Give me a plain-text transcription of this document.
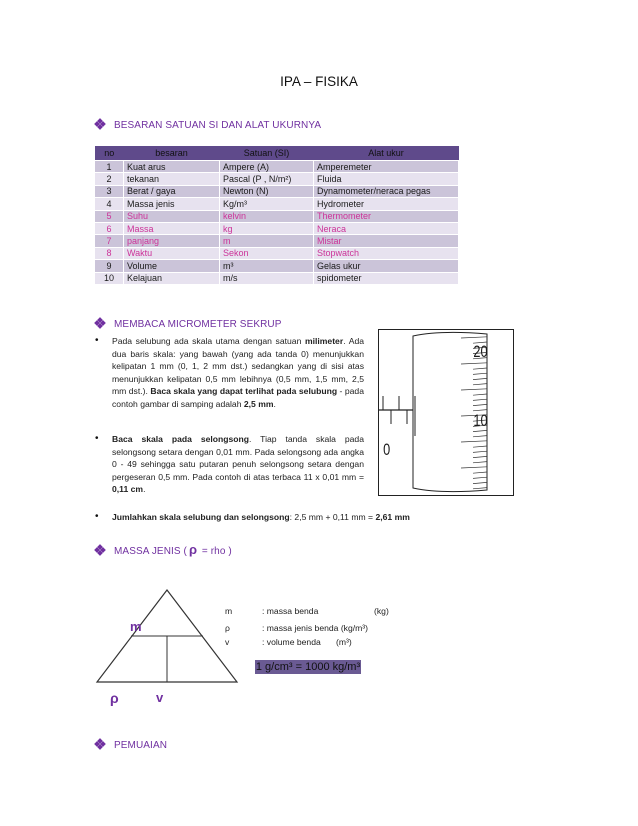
IPA – FISIKA
BESARAN SATUAN SI DAN ALAT UKURNYA
no	besaran	Satuan (SI)	Alat ukur
1	Kuat arus	Ampere (A)	Amperemeter
2	tekanan	Pascal (P , N/m²)	Fluida
3	Berat / gaya	Newton (N)	Dynamometer/neraca pegas
4	Massa jenis	Kg/m³	Hydrometer
5	Suhu	kelvin	Thermometer
6	Massa	kg	Neraca
7	panjang	m	Mistar
8	Waktu	Sekon	Stopwatch
9	Volume	m³	Gelas ukur
10	Kelajuan	m/s	spidometer
MEMBACA MICROMETER SEKRUP
• Pada selubung ada skala utama dengan satuan milimeter. Ada dua baris skala: yang bawah (yang ada tanda 0) menunjukkan kelipatan 1 mm (0, 1, 2 mm dst.) sedangkan yang di sisi atas menunjukkan kelipatan 0,5 mm lebihnya (0,5 mm, 1,5 mm, 2,5 mm dst.). Baca skala yang dapat terlihat pada selubung - pada contoh gambar di samping adalah 2,5 mm.
• Baca skala pada selongsong. Tiap tanda skala pada selongsong setara dengan 0,01 mm. Pada selongsong ada angka 0 - 49 sehingga satu putaran penuh selongsong setara dengan pergeseran 0,5 mm. Pada contoh di atas terbaca 11 x 0,01 mm = 0,11 cm.
• Jumlahkan skala selubung dan selongsong: 2,5 mm + 0,11 mm = 2,61 mm
20
10
0
MASSA JENIS ( ρ = rho )
m
ρ	v
m	: massa benda	(kg)
ρ	: massa jenis benda (kg/m³)
v	: volume benda (m³)
1 g/cm³ = 1000 kg/m³
PEMUAIAN
